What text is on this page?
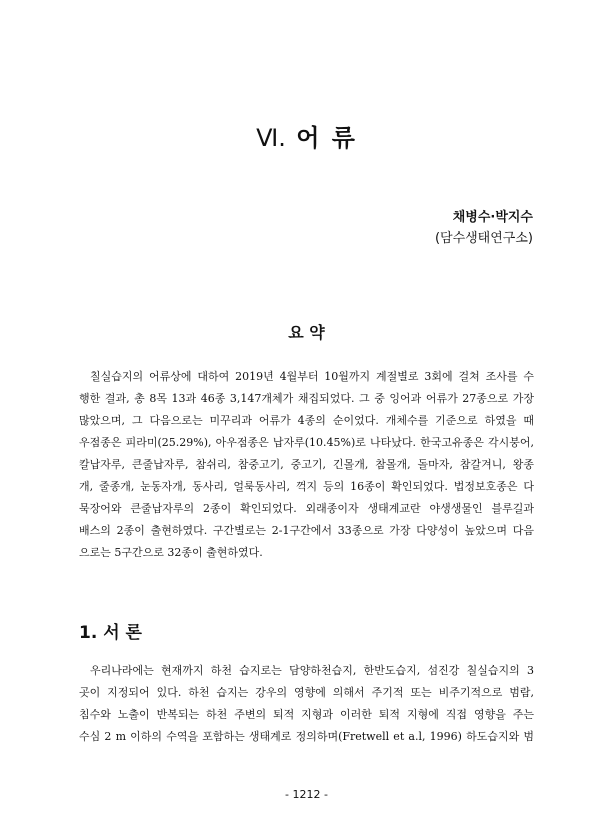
Ⅵ. 어 류
채병수·박지수
(담수생태연구소)
요 약

칠실습지의 어류상에 대하여 2019년 4월부터 10월까지 계절별로 3회에 걸쳐 조사를 수
행한 결과, 총 8목 13과 46종 3,147개체가 채집되었다. 그 중 잉어과 어류가 27종으로 가장
많았으며, 그 다음으로는 미꾸리과 어류가 4종의 순이었다. 개체수를 기준으로 하였을 때
우점종은 피라미(25.29%), 아우점종은 납자루(10.45%)로 나타났다. 한국고유종은 각시붕어,
칼납자루, 큰줄납자루, 참쉬리, 참중고기, 중고기, 긴몰개, 참몰개, 돌마자, 참갈겨니, 왕종
개, 줄종개, 눈동자개, 동사리, 얼룩동사리, 꺽지 등의 16종이 확인되었다. 법정보호종은 다
묵장어와 큰줄납자루의 2종이 확인되었다. 외래종이자 생태계교란 야생생물인 블루길과
배스의 2종이 출현하였다. 구간별로는 2-1구간에서 33종으로 가장 다양성이 높았으며 다음
으로는 5구간으로 32종이 출현하였다.

1. 서 론

우리나라에는 현재까지 하천 습지로는 담양하천습지, 한반도습지, 섬진강 칠실습지의 3
곳이 지정되어 있다. 하천 습지는 강우의 영향에 의해서 주기적 또는 비주기적으로 범람,
침수와 노출이 반복되는 하천 주변의 퇴적 지형과 이러한 퇴적 지형에 직접 영향을 주는
수심 2 m 이하의 수역을 포함하는 생태계로 정의하며(Fretwell et a.l, 1996) 하도습지와 범

- 1212 -
